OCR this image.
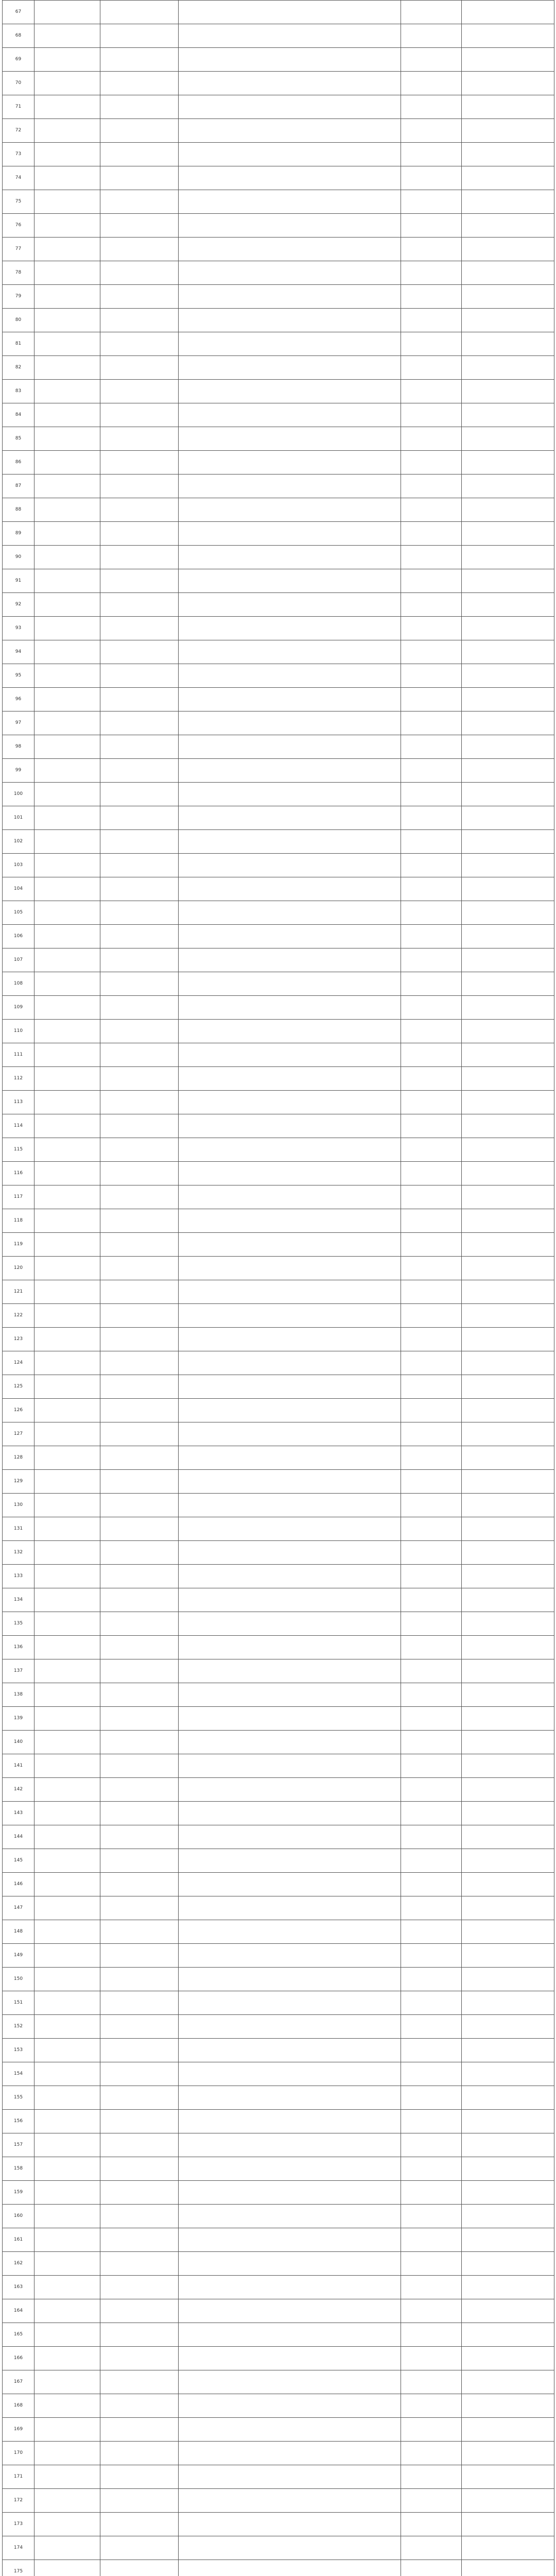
67					
68					
69					
70					
71					
72					
73					
74					
75					
76					
77					
78					
79					
80					
81					
82					
83					
84					
85					
86					
87					
88					
89					
90					
91					
92					
93					
94					
95					
96					
97					
98					
99					
100					
101					
102					
103					
104					
105					
106					
107					
108					
109					
110					
111					
112					
113					
114					
115					
116					
117					
118					
119					
120					
121					
122					
123					
124					
125					
126					
127					
128					
129					
130					
131					
132					
133					
134					
135					
136					
137					
138					
139					
140					
141					
142					
143					
144					
145					
146					
147					
148					
149					
150					
151					
152					
153					
154					
155					
156					
157					
158					
159					
160					
161					
162					
163					
164					
165					
166					
167					
168					
169					
170					
171					
172					
173					
174					
175					
